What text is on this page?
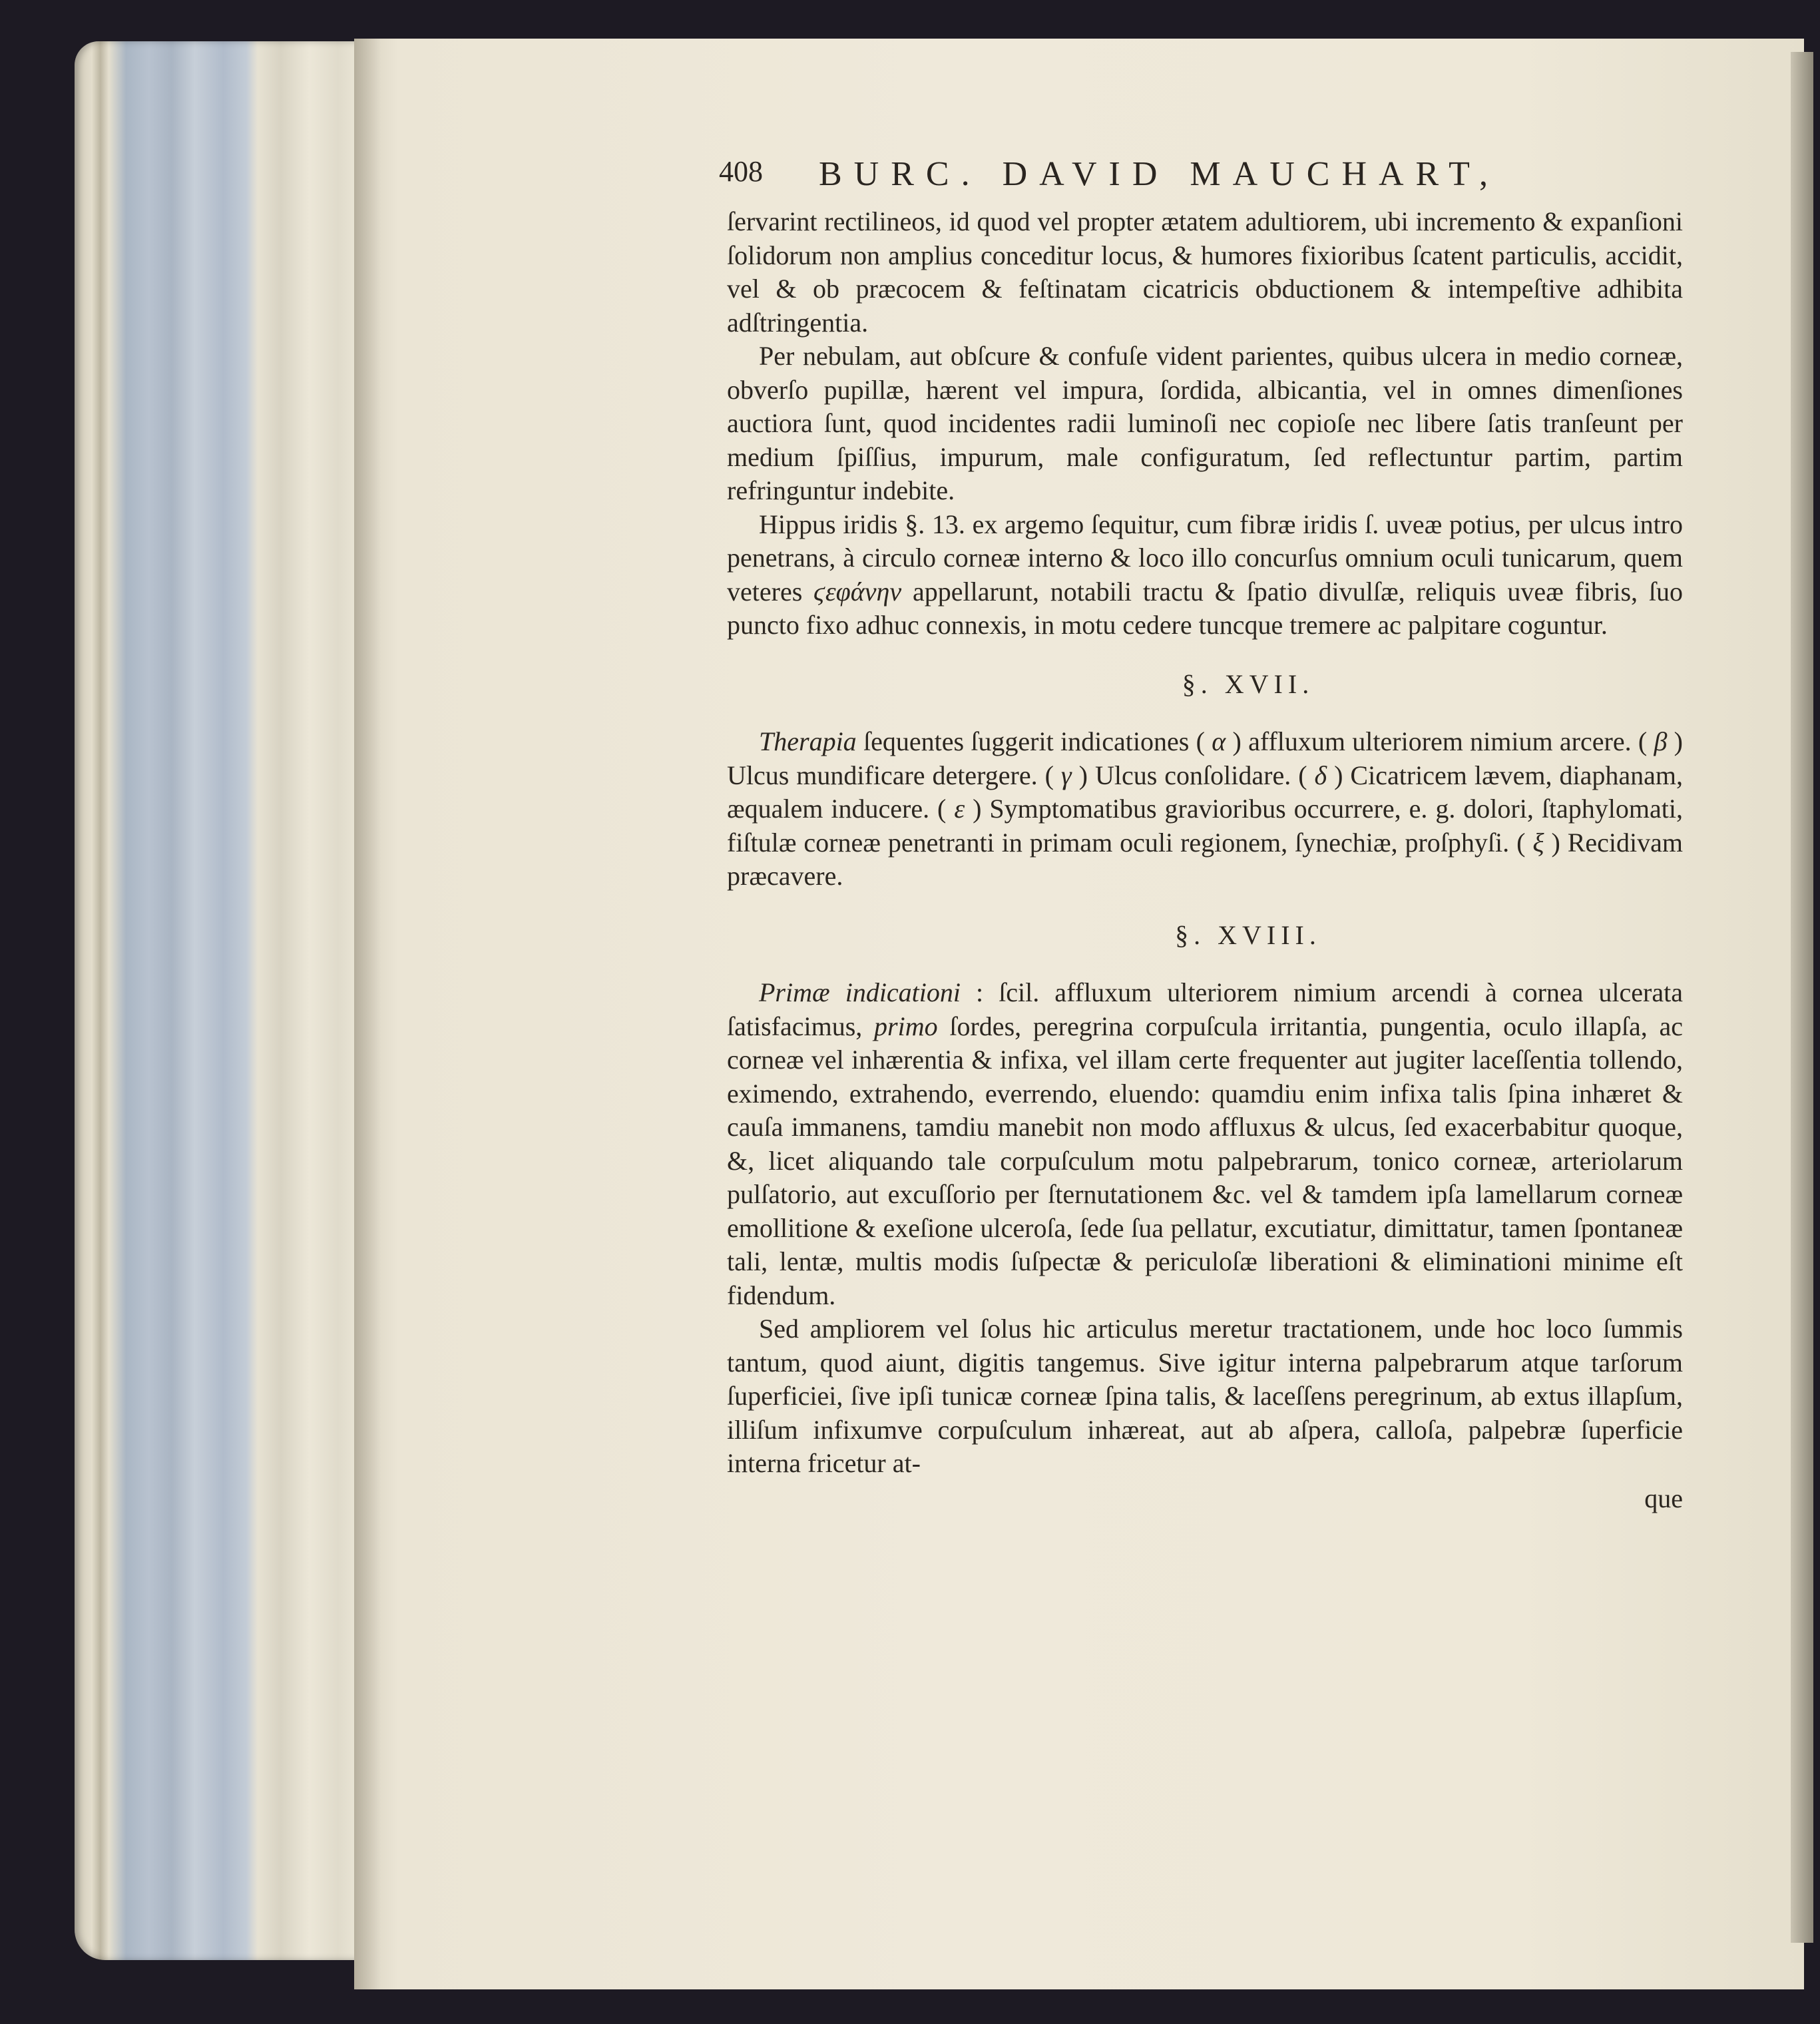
408 BURC. DAVID MAUCHART,

ſervarint rectilineos, id quod vel propter ætatem adultiorem, ubi incremento & expanſioni ſolidorum non amplius conceditur locus, & humores fixioribus ſcatent particulis, accidit, vel & ob præcocem & feſtinatam cicatricis obductionem & intempeſtive adhibita adſtringentia.

Per nebulam, aut obſcure & confuſe vident parientes, quibus ulcera in medio corneæ, obverſo pupillæ, hærent vel impura, ſordida, albicantia, vel in omnes dimenſiones auctiora ſunt, quod incidentes radii luminoſi nec copioſe nec libere ſatis tranſeunt per medium ſpiſſius, impurum, male configuratum, ſed reflectuntur partim, partim refringuntur indebite.

Hippus iridis §. 13. ex argemo ſequitur, cum fibræ iridis ſ. uveæ potius, per ulcus intro penetrans, à circulo corneæ interno & loco illo concurſus omnium oculi tunicarum, quem veteres ϛεφάνην appellarunt, notabili tractu & ſpatio divulſæ, reliquis uveæ fibris, ſuo puncto fixo adhuc connexis, in motu cedere tuncque tremere ac palpitare coguntur.

§. XVII.

Therapia ſequentes ſuggerit indicationes ( α ) affluxum ulteriorem nimium arcere. ( β ) Ulcus mundificare detergere. ( γ ) Ulcus conſolidare. ( δ ) Cicatricem lævem, diaphanam, æqualem inducere. ( ε ) Symptomatibus gravioribus occurrere, e. g. dolori, ſtaphylomati, fiſtulæ corneæ penetranti in primam oculi regionem, ſynechiæ, proſphyſi. ( ξ ) Recidivam præcavere.

§. XVIII.

Primæ indicationi : ſcil. affluxum ulteriorem nimium arcendi à cornea ulcerata ſatisfacimus, primo ſordes, peregrina corpuſcula irritantia, pungentia, oculo illapſa, ac corneæ vel inhærentia & infixa, vel illam certe frequenter aut jugiter laceſſentia tollendo, eximendo, extrahendo, everrendo, eluendo: quamdiu enim infixa talis ſpina inhæret & cauſa immanens, tamdiu manebit non modo affluxus & ulcus, ſed exacerbabitur quoque, &, licet aliquando tale corpuſculum motu palpebrarum, tonico corneæ, arteriolarum pulſatorio, aut excuſſorio per ſternutationem &c. vel & tamdem ipſa lamellarum corneæ emollitione & exeſione ulceroſa, ſede ſua pellatur, excutiatur, dimittatur, tamen ſpontaneæ tali, lentæ, multis modis ſuſpectæ & periculoſæ liberationi & eliminationi minime eſt fidendum.

Sed ampliorem vel ſolus hic articulus meretur tractationem, unde hoc loco ſummis tantum, quod aiunt, digitis tangemus. Sive igitur interna palpebrarum atque tarſorum ſuperficiei, ſive ipſi tunicæ corneæ ſpina talis, & laceſſens peregrinum, ab extus illapſum, illiſum infixumve corpuſculum inhæreat, aut ab aſpera, calloſa, palpebræ ſuperficie interna fricetur at-

que
